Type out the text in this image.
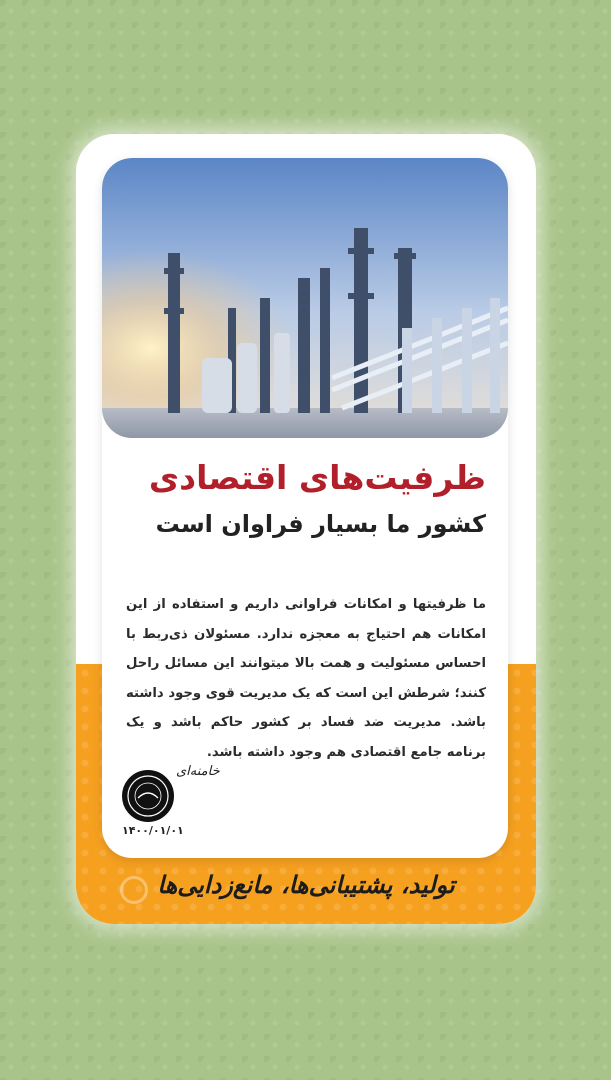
ظرفیت‌های اقتصادی
کشور ما بسیار فراوان است
ما ظرفیتها و امکانات فراوانی داریم و استفاده از این امکانات هم احتیاج به معجزه ندارد. مسئولان ذی‌ربط با احساس مسئولیت و همت بالا میتوانند این مسائل راحل کنند؛ شرطش این است که یک مدیریت قوی وجود داشته باشد. مدیریت ضد فساد بر کشور حاکم باشد و یک برنامه جامع اقتصادی هم وجود داشته باشد.
خامنه‌ای
۱۴۰۰/۰۱/۰۱
تولید، پشتیبانی‌ها، مانع‌زدایی‌ها
